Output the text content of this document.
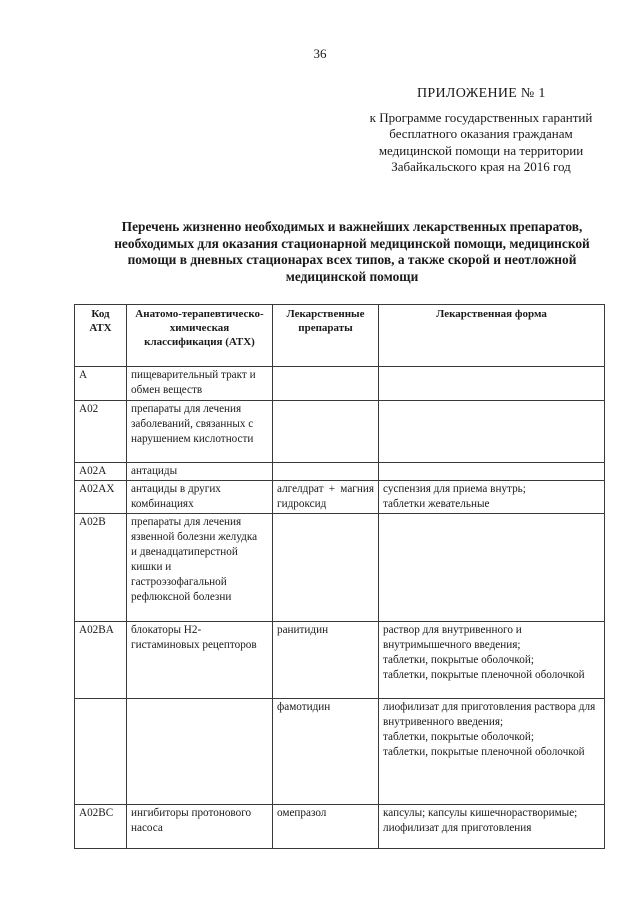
36
ПРИЛОЖЕНИЕ № 1
к Программе государственных гарантий бесплатного оказания гражданам медицинской помощи на территории Забайкальского края на 2016 год
Перечень жизненно необходимых и важнейших лекарственных препаратов, необходимых для оказания стационарной медицинской помощи, медицинской помощи в дневных стационарах всех типов, а также скорой и неотложной медицинской помощи
Код АТХ	Анатомо-терапевтическо-химическая классификация (АТХ)	Лекарственные препараты	Лекарственная форма
A	пищеварительный тракт и обмен веществ		
A02	препараты для лечения заболеваний, связанных с нарушением кислотности		
A02A	антациды		
A02AX	антациды в других комбинациях	алгелдрат + магния гидроксид	суспензия для приема внутрь;
таблетки жевательные
A02B	препараты для лечения язвенной болезни желудка
и двенадцатиперстной кишки и гастроэзофагальной рефлюксной болезни		
A02BA	блокаторы H2-гистаминовых рецепторов	ранитидин	раствор для внутривенного и внутримышечного введения;
таблетки, покрытые оболочкой;
таблетки, покрытые пленочной оболочкой
		фамотидин	лиофилизат для приготовления раствора для внутривенного введения;
таблетки, покрытые оболочкой;
таблетки, покрытые пленочной оболочкой
A02BC	ингибиторы протонового насоса	омепразол	капсулы; капсулы кишечнорастворимые;
лиофилизат для приготовления
